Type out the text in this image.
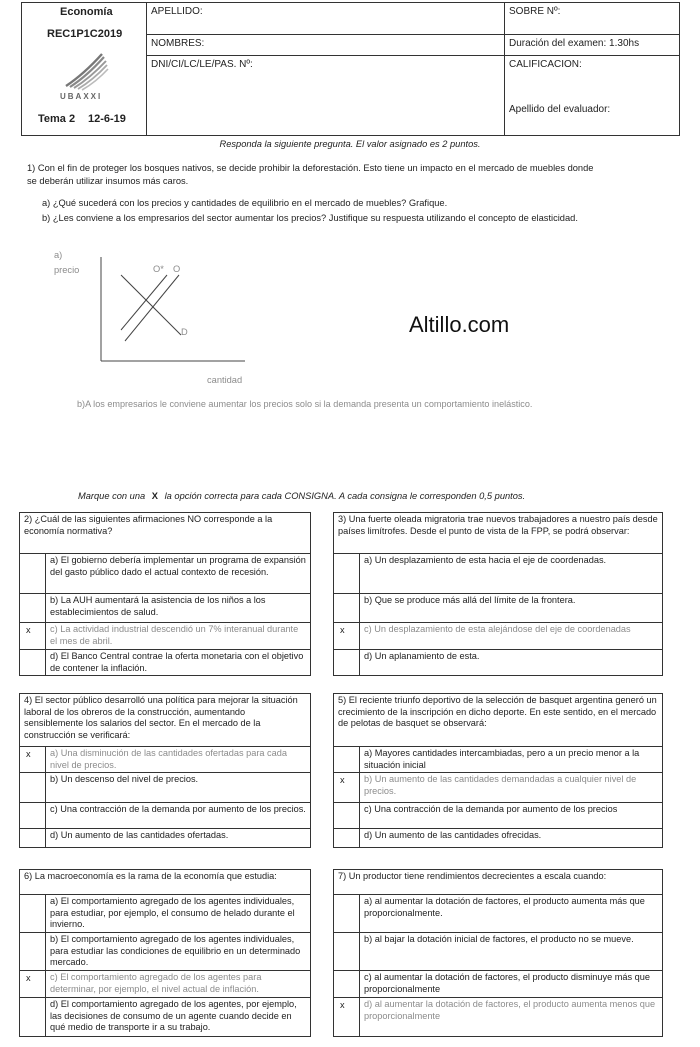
Economía
REC1P1C2019
UBAXXI
Tema 2 12-6-19
APELLIDO:	SOBRE Nº:
NOMBRES:	Duración del examen: 1.30hs
DNI/CI/LC/LE/PAS. Nº:	CALIFICACION:
Apellido del evaluador:
Responda la siguiente pregunta. El valor asignado es 2 puntos.
1) Con el fin de proteger los bosques nativos, se decide prohibir la deforestación. Esto tiene un impacto en el mercado de muebles donde
se deberán utilizar insumos más caros.
a) ¿Qué sucederá con los precios y cantidades de equilibrio en el mercado de muebles? Grafique.
b) ¿Les conviene a los empresarios del sector aumentar los precios? Justifique su respuesta utilizando el concepto de elasticidad.
a)
precio
cantidad
O* O
D	Altillo.com
b)A los empresarios le conviene aumentar los precios solo si la demanda presenta un comportamiento inelástico.
Marque con una X la opción correcta para cada CONSIGNA. A cada consigna le corresponden 0,5 puntos.
2) ¿Cuál de las siguientes afirmaciones NO corresponde a la economía normativa?
a) El gobierno debería implementar un programa de expansión del gasto público dado el actual contexto de recesión.
b) La AUH aumentará la asistencia de los niños a los establecimientos de salud.
x	c) La actividad industrial descendió un 7% interanual durante el mes de abril.
d) El Banco Central contrae la oferta monetaria con el objetivo de contener la inflación.
3) Una fuerte oleada migratoria trae nuevos trabajadores a nuestro país desde países limítrofes. Desde el punto de vista de la FPP, se podrá observar:
a) Un desplazamiento de esta hacia el eje de coordenadas.
b) Que se produce más allá del límite de la frontera.
x	c) Un desplazamiento de esta alejándose del eje de coordenadas
d) Un aplanamiento de esta.
4) El sector público desarrolló una política para mejorar la situación laboral de los obreros de la construcción, aumentando sensiblemente los salarios del sector. En el mercado de la construcción se verificará:
x	a) Una disminución de las cantidades ofertadas para cada nivel de precios.
b) Un descenso del nivel de precios.
c) Una contracción de la demanda por aumento de los precios.
d) Un aumento de las cantidades ofertadas.
5) El reciente triunfo deportivo de la selección de basquet argentina generó un crecimiento de la inscripción en dicho deporte. En este sentido, en el mercado de pelotas de basquet se observará:
a) Mayores cantidades intercambiadas, pero a un precio menor a la situación inicial
x	b) Un aumento de las cantidades demandadas a cualquier nivel de precios.
c) Una contracción de la demanda por aumento de los precios
d) Un aumento de las cantidades ofrecidas.
6) La macroeconomía es la rama de la economía que estudia:
a) El comportamiento agregado de los agentes individuales, para estudiar, por ejemplo, el consumo de helado durante el invierno.
b) El comportamiento agregado de los agentes individuales, para estudiar las condiciones de equilibrio en un determinado mercado.
x	c) El comportamiento agregado de los agentes para determinar, por ejemplo, el nivel actual de inflación.
d) El comportamiento agregado de los agentes, por ejemplo, las decisiones de consumo de un agente cuando decide en qué medio de transporte ir a su trabajo.
7) Un productor tiene rendimientos decrecientes a escala cuando:
a) al aumentar la dotación de factores, el producto aumenta más que proporcionalmente.
b) al bajar la dotación inicial de factores, el producto no se mueve.
c) al aumentar la dotación de factores, el producto disminuye más que proporcionalmente
x	d) al aumentar la dotación de factores, el producto aumenta menos que proporcionalmente
